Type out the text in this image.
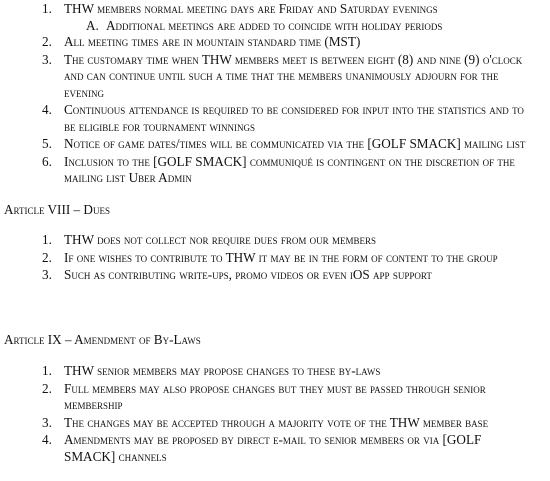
1. THW members normal meeting days are Friday and Saturday evenings
A. Additional meetings are added to coincide with holiday periods
2. All meeting times are in mountain standard time (MST)
3. The customary time when THW members meet is between eight (8) and nine (9) o'clock and can continue until such a time that the members unanimously adjourn for the evening
4. Continuous attendance is required to be considered for input into the statistics and to be eligible for tournament winnings
5. Notice of game dates/times will be communicated via the [GOLF SMACK] mailing list
6. Inclusion to the [GOLF SMACK] communiqué is contingent on the discretion of the mailing list Uber Admin
Article VIII – Dues
1. THW does not collect nor require dues from our members
2. If one wishes to contribute to THW it may be in the form of content to the group
3. Such as contributing write-ups, promo videos or even iOS app support
Article IX – Amendment of By-Laws
1. THW senior members may propose changes to these by-laws
2. Full members may also propose changes but they must be passed through senior membership
3. The changes may be accepted through a majority vote of the THW member base
4. Amendments may be proposed by direct e-mail to senior members or via [GOLF SMACK] channels
